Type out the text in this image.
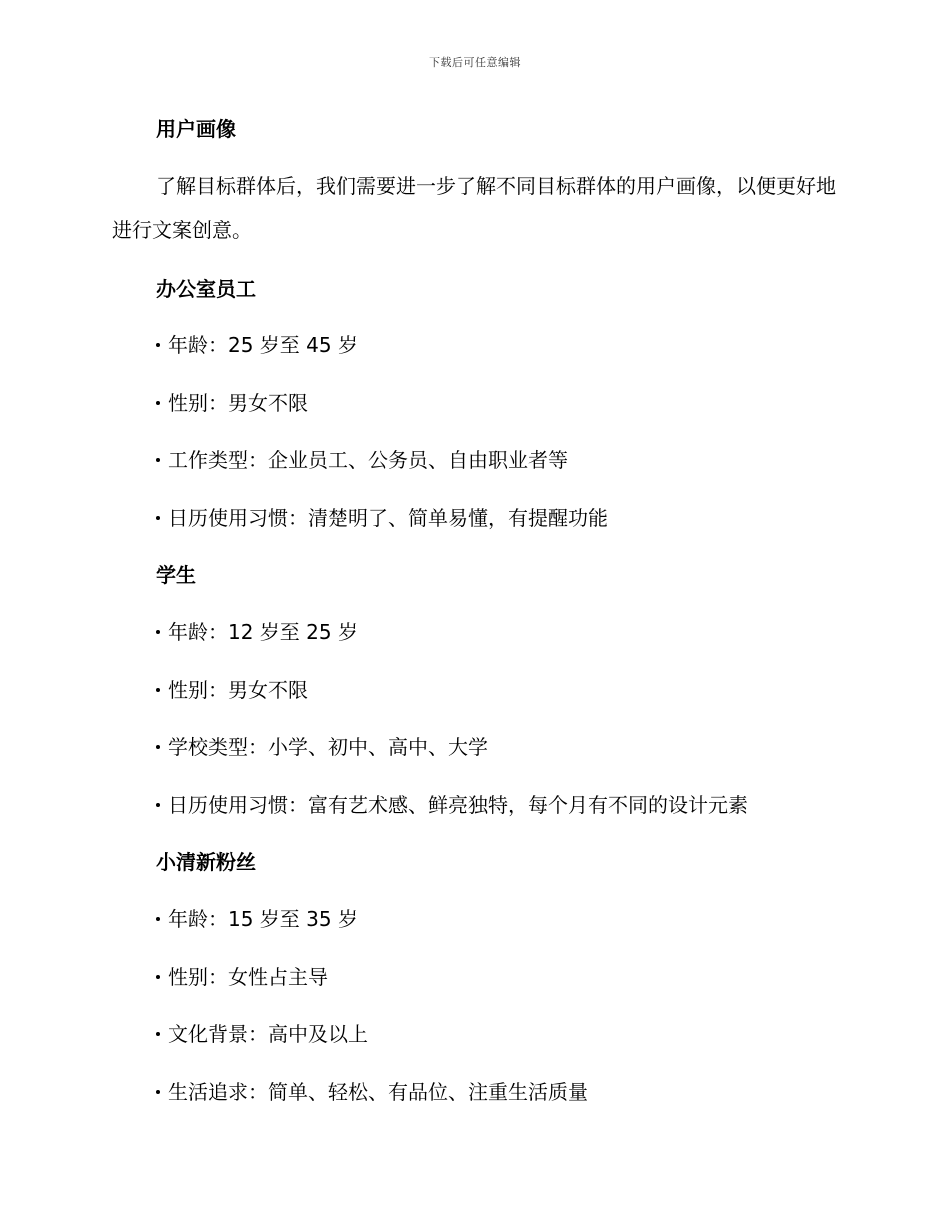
下载后可任意编辑
用户画像
了解目标群体后，我们需要进一步了解不同目标群体的用户画像，以便更好地进行文案创意。
办公室员工
年龄：25 岁至 45 岁
性别：男女不限
工作类型：企业员工、公务员、自由职业者等
日历使用习惯：清楚明了、简单易懂，有提醒功能
学生
年龄：12 岁至 25 岁
性别：男女不限
学校类型：小学、初中、高中、大学
日历使用习惯：富有艺术感、鲜亮独特，每个月有不同的设计元素
小清新粉丝
年龄：15 岁至 35 岁
性别：女性占主导
文化背景：高中及以上
生活追求：简单、轻松、有品位、注重生活质量
